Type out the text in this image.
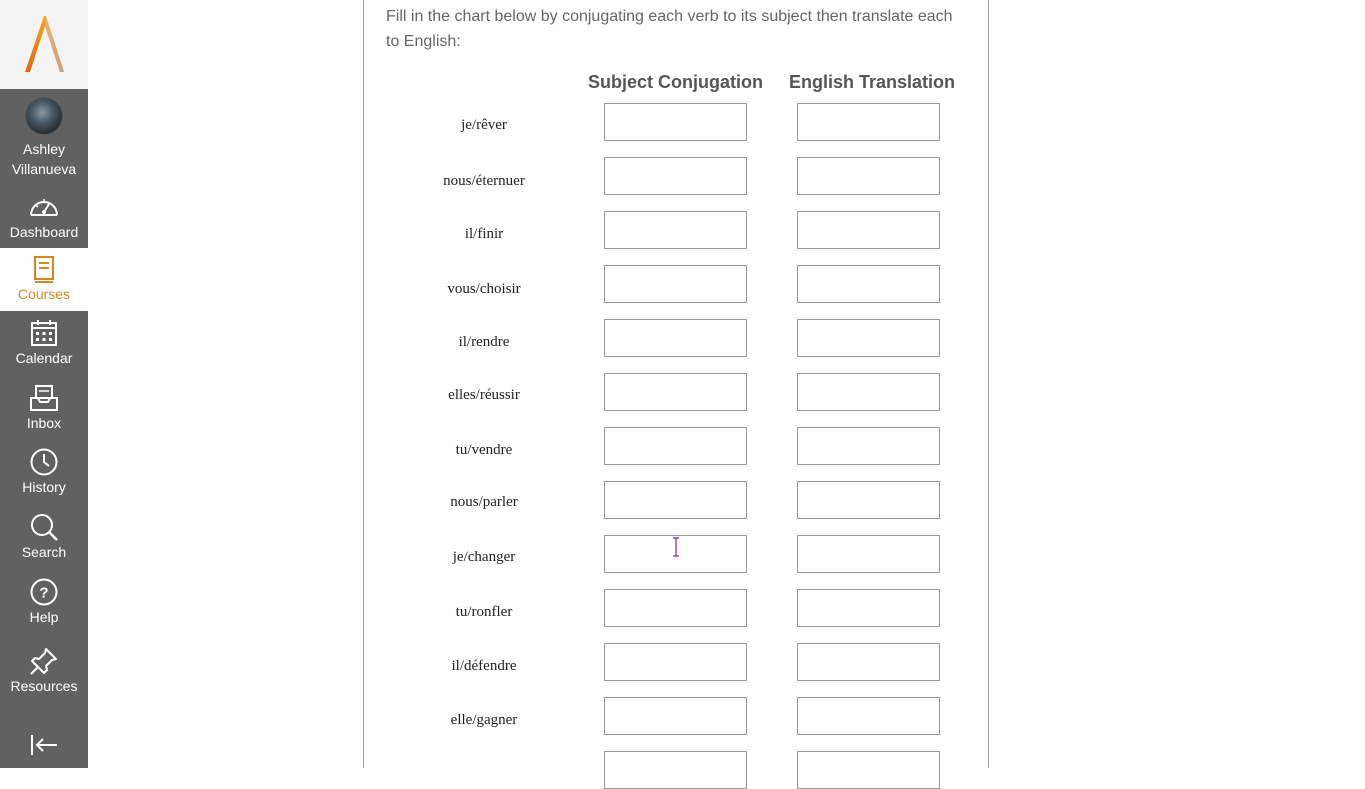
Ashley Villanueva
Dashboard
Courses
Calendar
Inbox
History
Search
?
Help
Resources
Fill in the chart below by conjugating each verb to its subject then translate each to English:
Subject Conjugation English Translation
je/rêver
nous/éternuer
il/finir
vous/choisir
il/rendre
elles/réussir
tu/vendre
nous/parler
je/changer
tu/ronfler
il/défendre
elle/gagner
